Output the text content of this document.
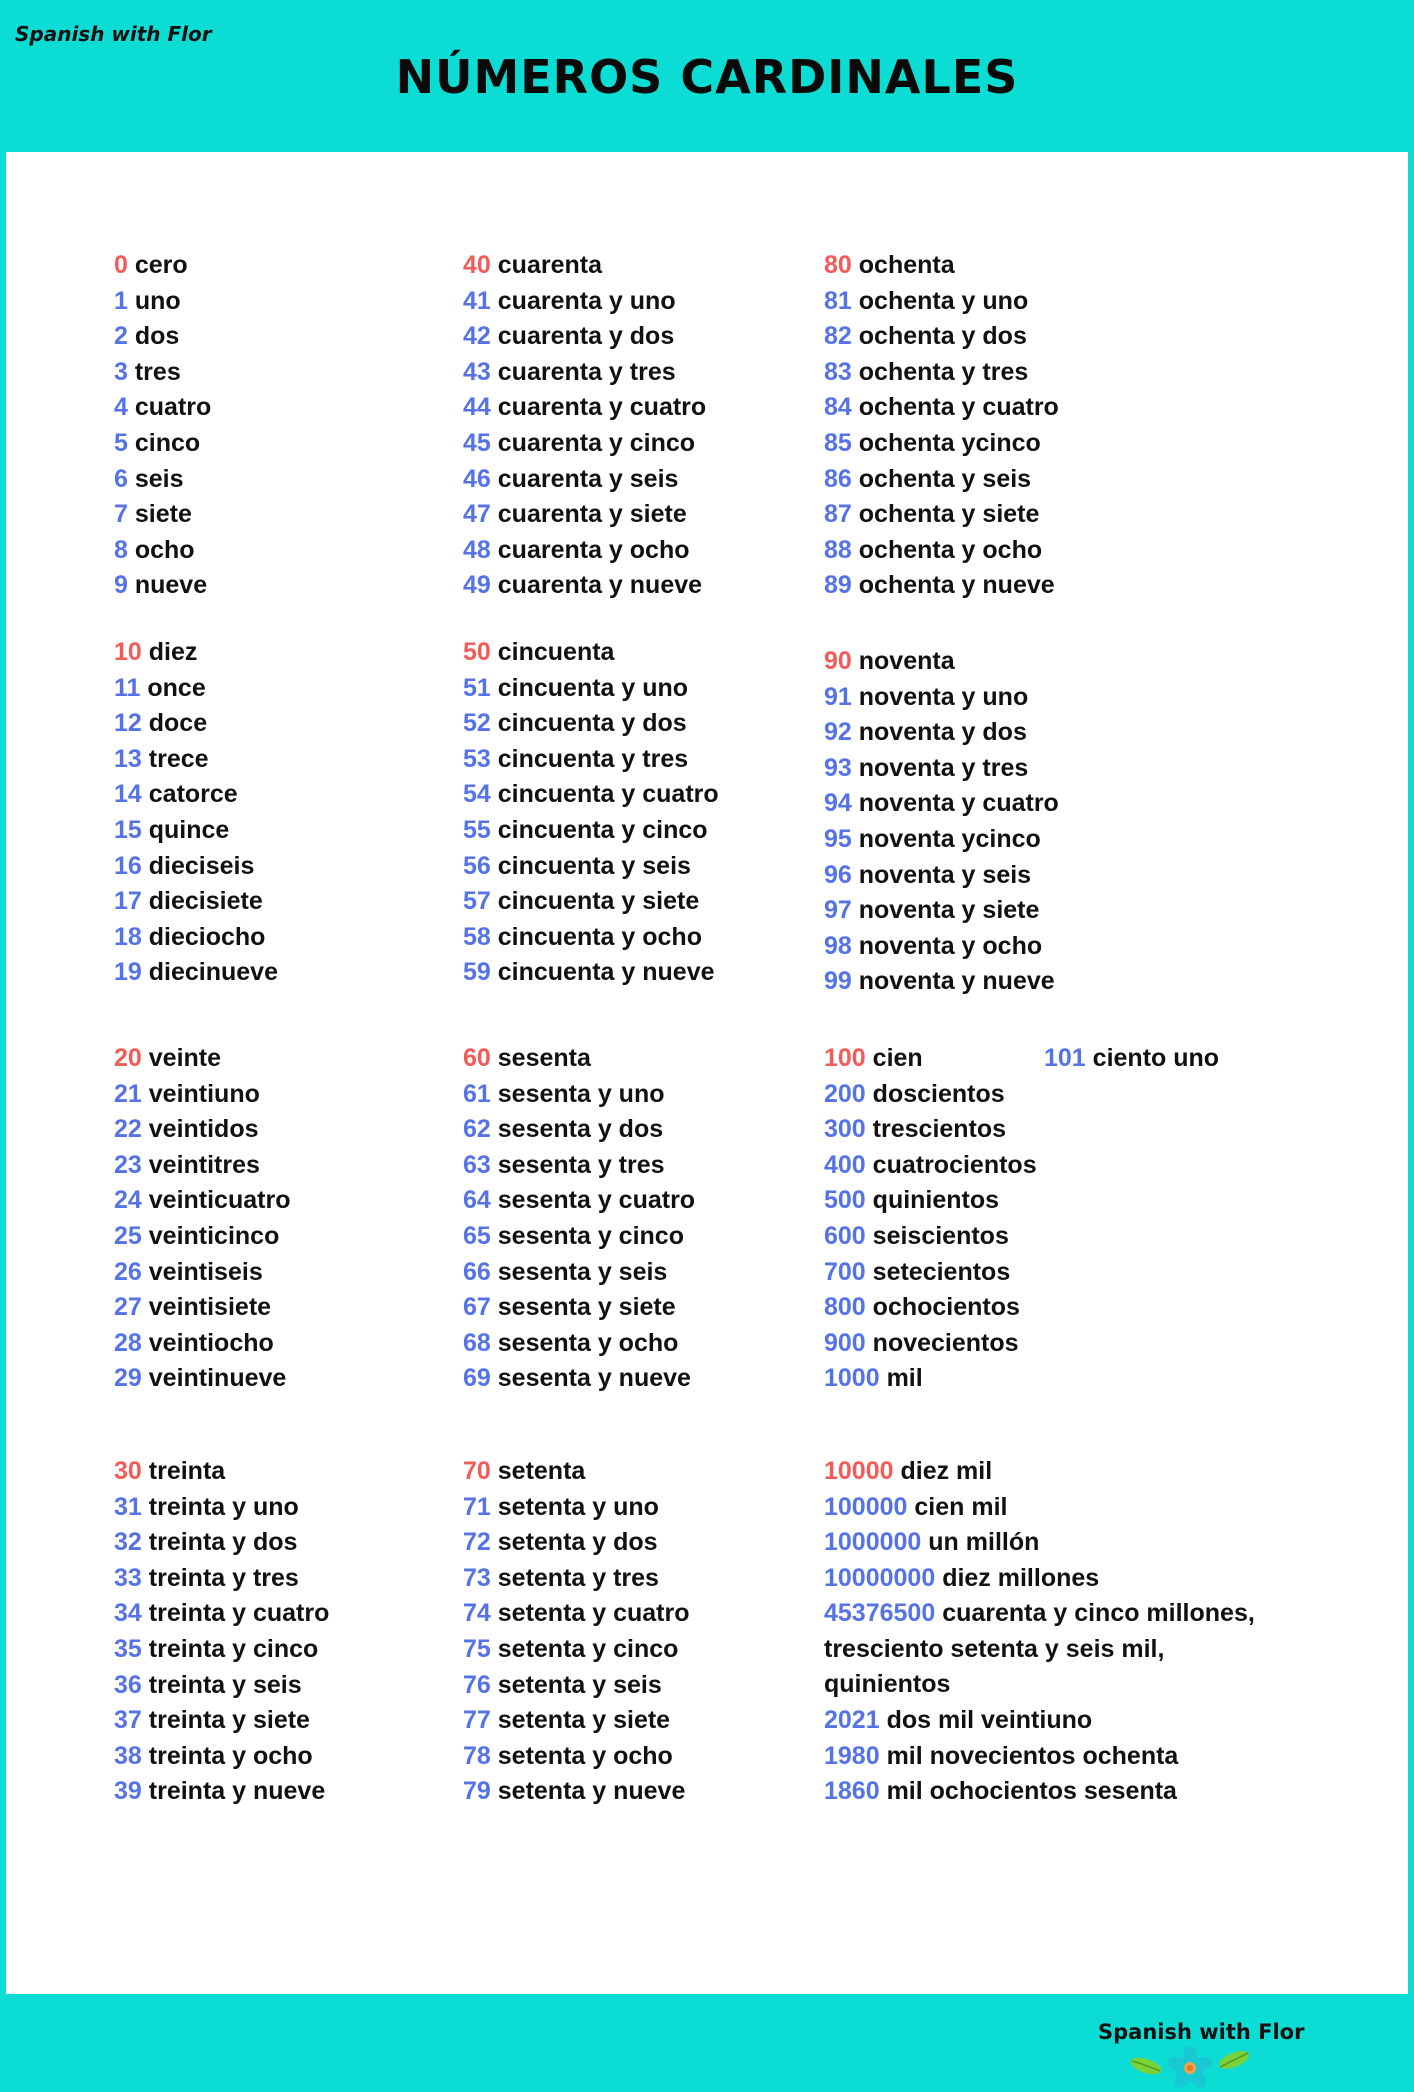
Spanish with Flor
NÚMEROS CARDINALES
0 cero
1 uno
2 dos
3 tres
4 cuatro
5 cinco
6 seis
7 siete
8 ocho
9 nueve
10 diez
11 once
12 doce
13 trece
14 catorce
15 quince
16 dieciseis
17 diecisiete
18 dieciocho
19 diecinueve
20 veinte
21 veintiuno
22 veintidos
23 veintitres
24 veinticuatro
25 veinticinco
26 veintiseis
27 veintisiete
28 veintiocho
29 veintinueve
30 treinta
31 treinta y uno
32 treinta y dos
33 treinta y tres
34 treinta y cuatro
35 treinta y cinco
36 treinta y seis
37 treinta y siete
38 treinta y ocho
39 treinta y nueve
40 cuarenta
41 cuarenta y uno
42 cuarenta y dos
43 cuarenta y tres
44 cuarenta y cuatro
45 cuarenta y cinco
46 cuarenta y seis
47 cuarenta y siete
48 cuarenta y ocho
49 cuarenta y nueve
50 cincuenta
51 cincuenta y uno
52 cincuenta y dos
53 cincuenta y tres
54 cincuenta y cuatro
55 cincuenta y cinco
56 cincuenta y seis
57 cincuenta y siete
58 cincuenta y ocho
59 cincuenta y nueve
60 sesenta
61 sesenta y uno
62 sesenta y dos
63 sesenta y tres
64 sesenta y cuatro
65 sesenta y cinco
66 sesenta y seis
67 sesenta y siete
68 sesenta y ocho
69 sesenta y nueve
70 setenta
71 setenta y uno
72 setenta y dos
73 setenta y tres
74 setenta y cuatro
75 setenta y cinco
76 setenta y seis
77 setenta y siete
78 setenta y ocho
79 setenta y nueve
80 ochenta
81 ochenta y uno
82 ochenta y dos
83 ochenta y tres
84 ochenta y cuatro
85 ochenta ycinco
86 ochenta y seis
87 ochenta y siete
88 ochenta y ocho
89 ochenta y nueve
90 noventa
91 noventa y uno
92 noventa y dos
93 noventa y tres
94 noventa y cuatro
95 noventa ycinco
96 noventa y seis
97 noventa y siete
98 noventa y ocho
99 noventa y nueve
100 cien
200 doscientos
300 trescientos
400 cuatrocientos
500 quinientos
600 seiscientos
700 setecientos
800 ochocientos
900 novecientos
1000 mil
101 ciento uno
10000 diez mil
100000 cien mil
1000000 un millón
10000000 diez millones
45376500 cuarenta y cinco millones,
tresciento setenta y seis mil,
quinientos
2021 dos mil veintiuno
1980 mil novecientos ochenta
1860 mil ochocientos sesenta
Spanish with Flor
